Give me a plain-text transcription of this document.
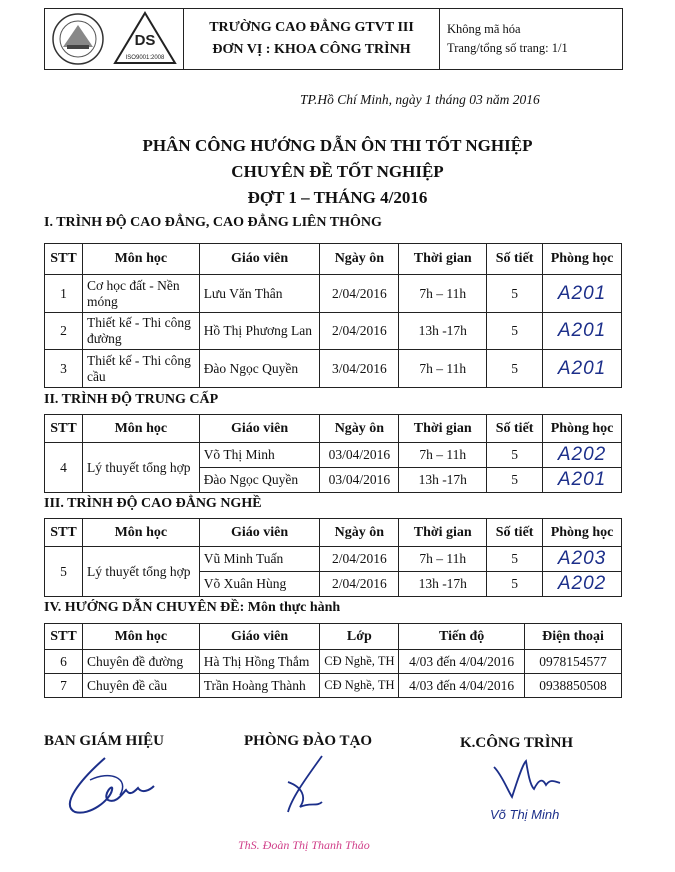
DS
ISO9001:2008
TRƯỜNG CAO ĐẲNG GTVT III
ĐƠN VỊ : KHOA CÔNG TRÌNH
Không mã hóa
Trang/tổng số trang: 1/1
TP.Hồ Chí Minh, ngày 1 tháng 03 năm 2016
PHÂN CÔNG HƯỚNG DẪN ÔN THI TỐT NGHIỆP
CHUYÊN ĐỀ TỐT NGHIỆP
ĐỢT 1 – THÁNG 4/2016
I. TRÌNH ĐỘ CAO ĐẲNG, CAO ĐẲNG LIÊN THÔNG
STT	Môn học	Giáo viên	Ngày ôn	Thời gian	Số tiết	Phòng học
1	Cơ học đất - Nền móng	Lưu Văn Thân	2/04/2016	7h – 11h	5	A201
2	Thiết kế - Thi công đường	Hồ Thị Phương Lan	2/04/2016	13h -17h	5	A201
3	Thiết kế - Thi công cầu	Đào Ngọc Quyền	3/04/2016	7h – 11h	5	A201
II. TRÌNH ĐỘ TRUNG CẤP
STT	Môn học	Giáo viên	Ngày ôn	Thời gian	Số tiết	Phòng học
4	Lý thuyết tổng hợp	Võ Thị Minh	03/04/2016	7h – 11h	5	A202
		Đào Ngọc Quyền	03/04/2016	13h -17h	5	A201
III. TRÌNH ĐỘ CAO ĐẲNG NGHỀ
STT	Môn học	Giáo viên	Ngày ôn	Thời gian	Số tiết	Phòng học
5	Lý thuyết tổng hợp	Vũ Minh Tuấn	2/04/2016	7h – 11h	5	A203
		Võ Xuân Hùng	2/04/2016	13h -17h	5	A202
IV. HƯỚNG DẪN CHUYÊN ĐỀ: Môn thực hành
STT	Môn học	Giáo viên	Lớp	Tiến độ	Điện thoại
6	Chuyên đề đường	Hà Thị Hồng Thắm	CĐ Nghề, TH	4/03 đến 4/04/2016	0978154577
7	Chuyên đề cầu	Trần Hoàng Thành	CĐ Nghề, TH	4/03 đến 4/04/2016	0938850508
BAN GIÁM HIỆU	PHÒNG ĐÀO TẠO	K.CÔNG TRÌNH
ThS. Đoàn Thị Thanh Thảo
Võ Thị Minh
